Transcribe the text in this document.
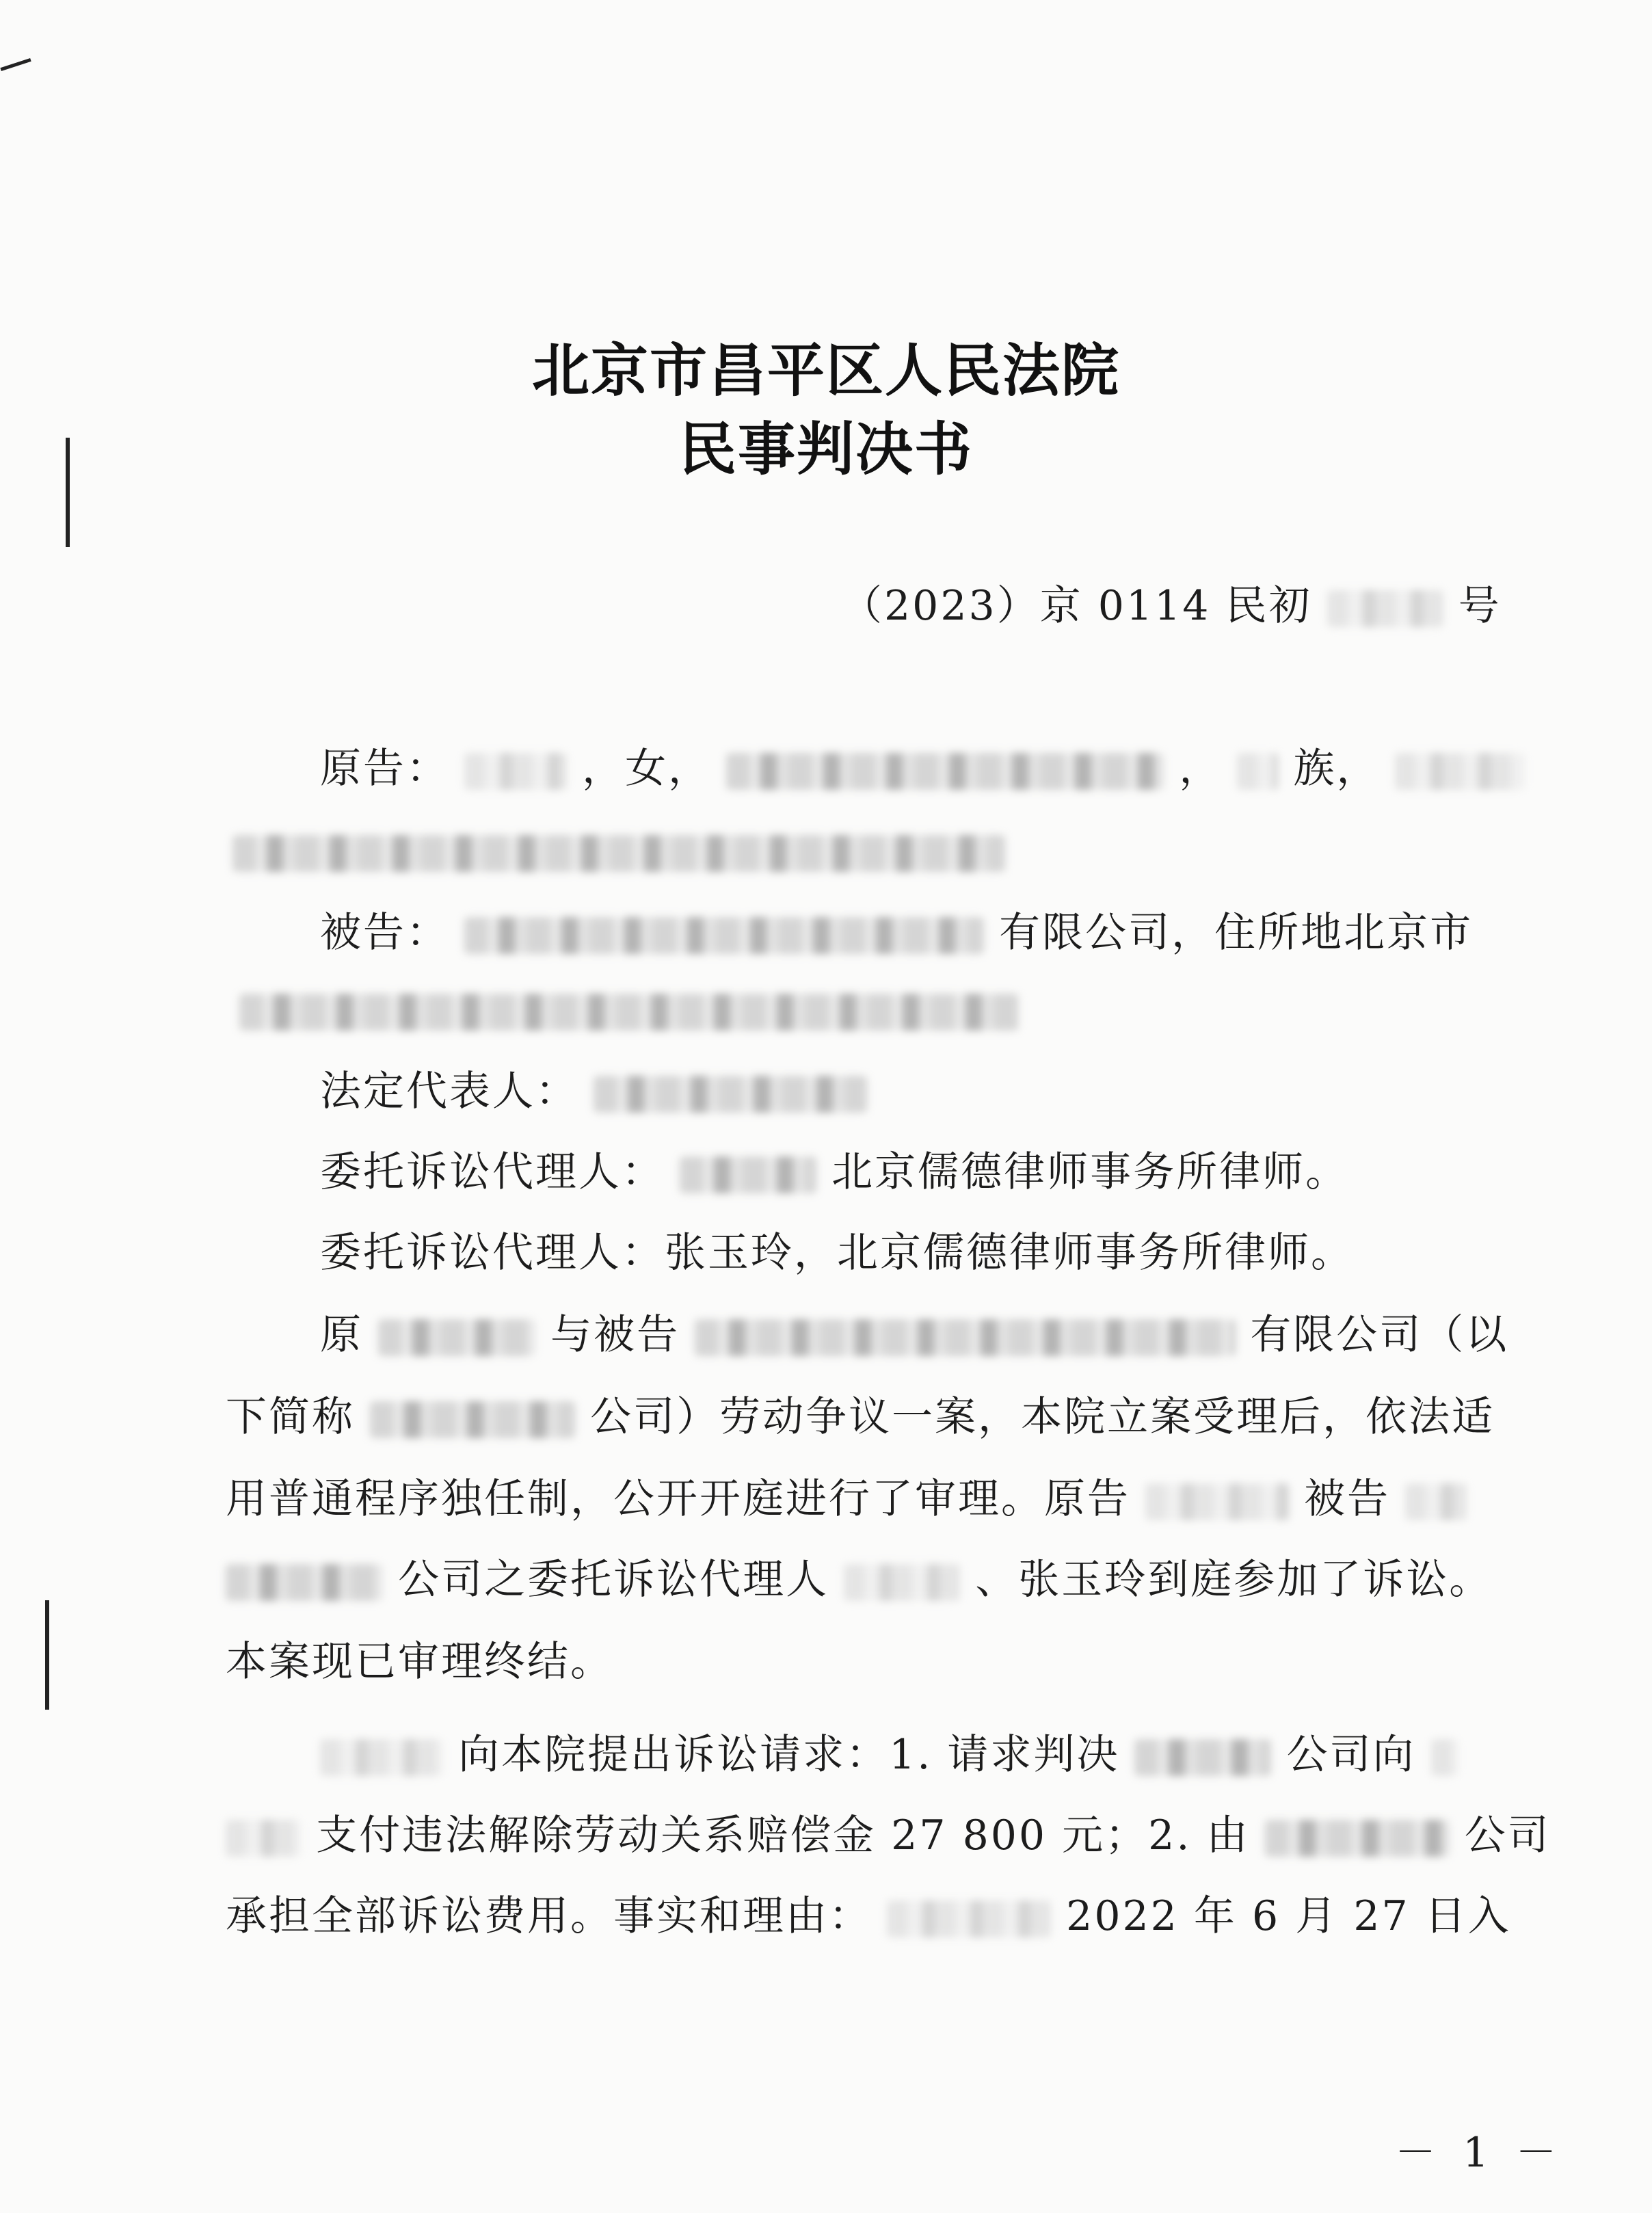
北京市昌平区人民法院
民事判决书
（2023）京 0114 民初	号
原告：	，女，	， 族，
被告：	有限公司，住所地北京市
法定代表人：
委托诉讼代理人：	北京儒德律师事务所律师。
委托诉讼代理人：张玉玲，北京儒德律师事务所律师。
原	与被告	有限公司（以
下简称	公司）劳动争议一案，本院立案受理后，依法适
用普通程序独任制，公开开庭进行了审理。原告	被告
公司之委托诉讼代理人	、张玉玲到庭参加了诉讼。
本案现已审理终结。
向本院提出诉讼请求：1. 请求判决	公司向
支付违法解除劳动关系赔偿金 27 800 元；2. 由	公司
承担全部诉讼费用。事实和理由：	2022 年 6 月 27 日入
－ 1 －
